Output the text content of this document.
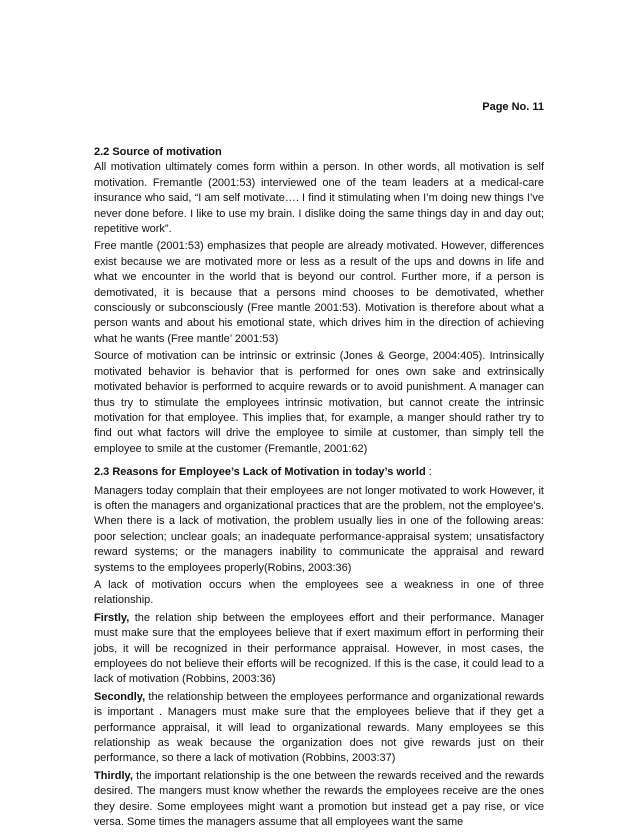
Page No. 11

2.2 Source of motivation

All motivation ultimately comes form within a person. In other words, all motivation is self motivation. Fremantle (2001:53) interviewed one of the team leaders at a medical-care insurance who said, “I am self motivate…. I find it stimulating when I’m doing new things I’ve never done before. I like to use my brain. I dislike doing the same things day in and day out; repetitive work”.

Free mantle (2001:53) emphasizes that people are already motivated. However, differences exist because we are motivated more or less as a result of the ups and downs in life and what we encounter in the world that is beyond our control. Further more, if a person is demotivated, it is because that a persons mind chooses to be demotivated, whether consciously or subconsciously (Free mantle 2001:53). Motivation is therefore about what a person wants and about his emotional state, which drives him in the direction of achieving what he wants (Free mantle’ 2001:53)

Source of motivation can be intrinsic or extrinsic (Jones & George, 2004:405). Intrinsically motivated behavior is behavior that is performed for ones own sake and extrinsically motivated behavior is performed to acquire rewards or to avoid punishment. A manager can thus try to stimulate the employees intrinsic motivation, but cannot create the intrinsic motivation for that employee. This implies that, for example, a manger should rather try to find out what factors will drive the employee to simile at customer, than simply tell the employee to smile at the customer (Fremantle, 2001:62)

2.3 Reasons for Employee’s Lack of Motivation in today’s world :

Managers today complain that their employees are not longer motivated to work However, it is often the managers and organizational practices that are the problem, not the employee’s. When there is a lack of motivation, the problem usually lies in one of the following areas: poor selection; unclear goals; an inadequate performance-appraisal system; unsatisfactory reward systems; or the managers inability to communicate the appraisal and reward systems to the employees properly(Robins, 2003:36)

A lack of motivation occurs when the employees see a weakness in one of three relationship.

Firstly, the relation ship between the employees effort and their performance. Manager must make sure that the employees believe that if exert maximum effort in performing their jobs, it will be recognized in their performance appraisal. However, in most cases, the employees do not believe their efforts will be recognized. If this is the case, it could lead to a lack of motivation (Robbins, 2003:36)

Secondly, the relationship between the employees performance and organizational rewards is important . Managers must make sure that the employees believe that if they get a performance appraisal, it will lead to organizational rewards. Many employees se this relationship as weak because the organization does not give rewards just on their performance, so there a lack of motivation (Robbins, 2003:37)

Thirdly, the important relationship is the one between the rewards received and the rewards desired. The mangers must know whether the rewards the employees receive are the ones they desire. Some employees might want a promotion but instead get a pay rise, or vice versa. Some times the managers assume that all employees want the same
